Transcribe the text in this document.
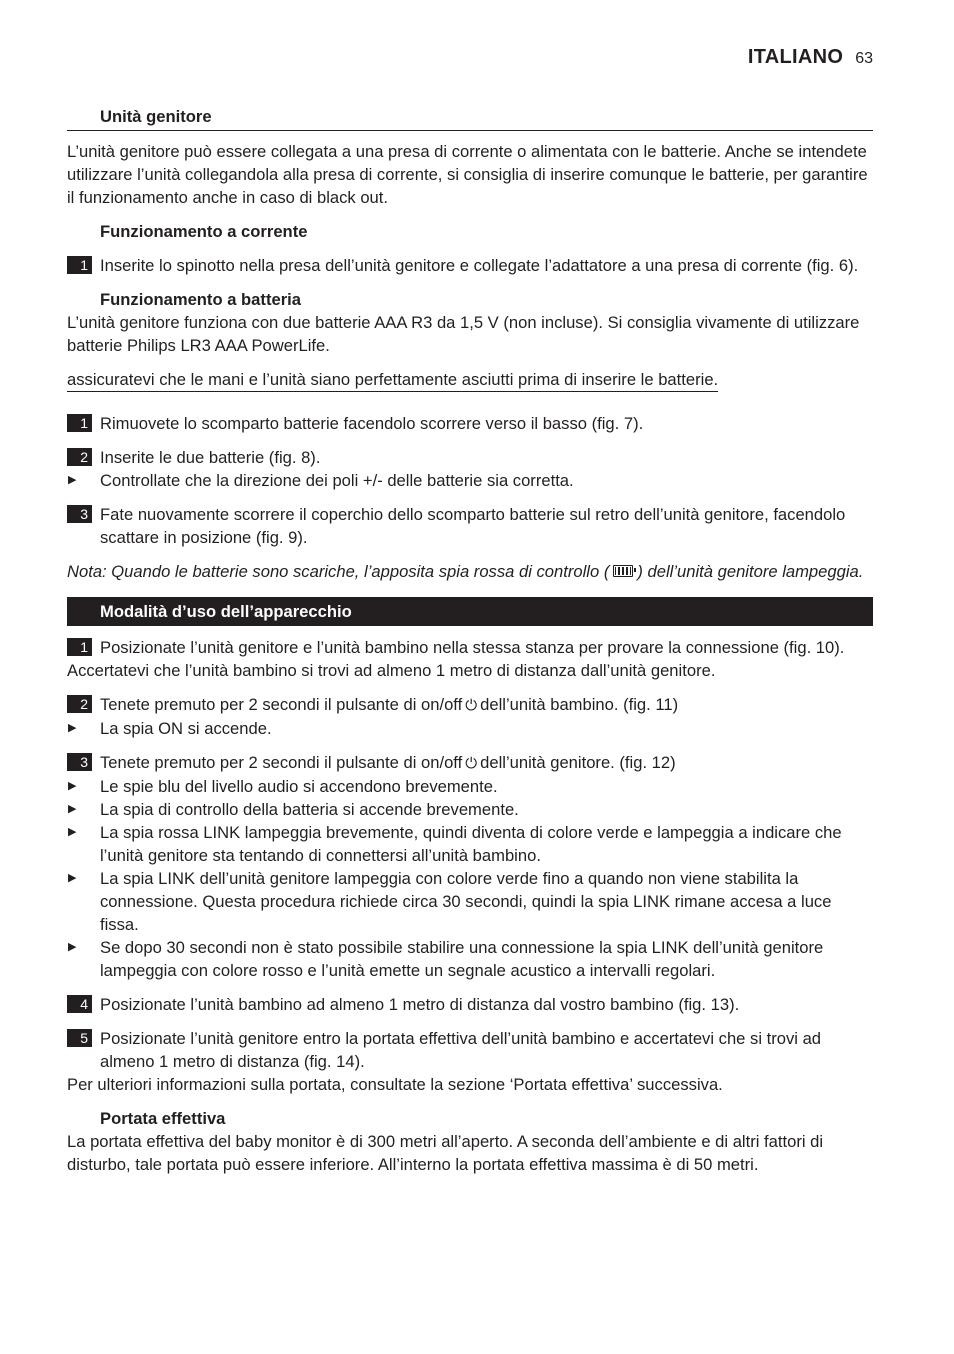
ITALIANO 63
Unità genitore

L’unità genitore può essere collegata a una presa di corrente o alimentata con le batterie. Anche se intendete utilizzare l’unità collegandola alla presa di corrente, si consiglia di inserire comunque le batterie, per garantire il funzionamento anche in caso di black out.

Funzionamento a corrente
1 Inserite lo spinotto nella presa dell’unità genitore e collegate l’adattatore a una presa di corrente (fig. 6).
Funzionamento a batteria

L’unità genitore funziona con due batterie AAA R3 da 1,5 V (non incluse). Si consiglia vivamente di utilizzare batterie Philips LR3 AAA PowerLife.

assicuratevi che le mani e l’unità siano perfettamente asciutti prima di inserire le batterie.

1 Rimuovete lo scomparto batterie facendolo scorrere verso il basso (fig. 7).
2 Inserite le due batterie (fig. 8).
▶	Controllate che la direzione dei poli +/- delle batterie sia corretta.
3 Fate nuovamente scorrere il coperchio dello scomparto batterie sul retro dell’unità genitore, facendolo scattare in posizione (fig. 9).

Nota: Quando le batterie sono scariche, l’apposita spia rossa di controllo ( ) dell’unità genitore lampeggia.

Modalità d’uso dell’apparecchio
1 Posizionate l’unità genitore e l’unità bambino nella stessa stanza per provare la connessione (fig. 10).

Accertatevi che l’unità bambino si trovi ad almeno 1 metro di distanza dall’unità genitore.

2 Tenete premuto per 2 secondi il pulsante di on/off ⏻ dell’unità bambino. (fig. 11)
▶	La spia ON si accende.
3 Tenete premuto per 2 secondi il pulsante di on/off ⏻ dell’unità genitore. (fig. 12)
▶	Le spie blu del livello audio si accendono brevemente.
▶	La spia di controllo della batteria si accende brevemente.
▶	La spia rossa LINK lampeggia brevemente, quindi diventa di colore verde e lampeggia a indicare che l’unità genitore sta tentando di connettersi all’unità bambino.
▶	La spia LINK dell’unità genitore lampeggia con colore verde fino a quando non viene stabilita la connessione. Questa procedura richiede circa 30 secondi, quindi la spia LINK rimane accesa a luce fissa.
▶	Se dopo 30 secondi non è stato possibile stabilire una connessione la spia LINK dell’unità genitore lampeggia con colore rosso e l’unità emette un segnale acustico a intervalli regolari.
4 Posizionate l’unità bambino ad almeno 1 metro di distanza dal vostro bambino (fig. 13).
5 Posizionate l’unità genitore entro la portata effettiva dell’unità bambino e accertatevi che si trovi ad almeno 1 metro di distanza (fig. 14).

Per ulteriori informazioni sulla portata, consultate la sezione ‘Portata effettiva’ successiva.

Portata effettiva

La portata effettiva del baby monitor è di 300 metri all’aperto. A seconda dell’ambiente e di altri fattori di disturbo, tale portata può essere inferiore. All’interno la portata effettiva massima è di 50 metri.
